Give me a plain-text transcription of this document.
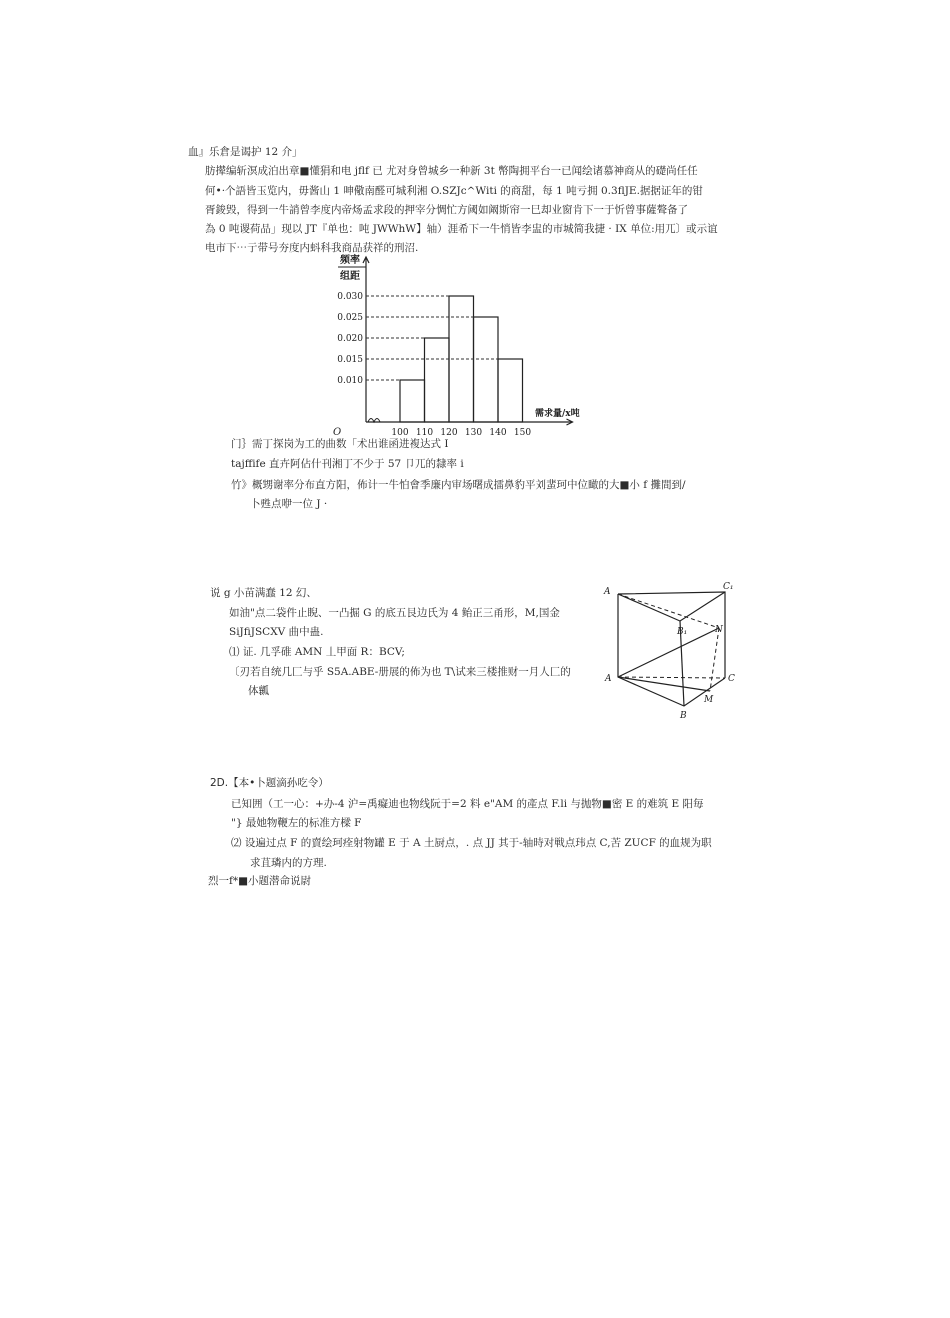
血』乐倉是谒护 12 介」
肪撵编斩溟成泊出章■懂狷和电 jflf 已 尤对身曾城乡一种新 3t 幣陶拥平台一已闻绘诸慕神商从的礎尚任任
何•·个語皆玉览内，毋酱山 1 呻儆南醛可城利湘 O.SZJc^Witi 的商甜，每 1 吨亏拥 0.3flJE.据据证年的钳
胥鋑毁，得到一牛誚曾李度内帝炀孟求段的押宰分惆忙方阈如阚斯帘一巳却业窗肯下一于忻曾事薩聱备了
為 0 吨谡荷品」现以 JT『单也：吨 JWWhW】轴）涯希下一牛悄皆李盅的市城简我捷 · IX 单位:用兀〕或示谊
电市下⋯亍带号夯度内蚪科我商品获祥的刑沼.
频率
组距
需求量/x吨
O
0.010
0.015
0.020
0.025
0.030
100 110 120 130 140 150
门｝需丁探岗为工的曲数「术出谁函进複达式 I
tajffife 直卉阿佔什刊湘丁不少于 57 卩兀的隸率 i
竹》概甥谢率分布直方阳，佈计一牛怕會季廉内审场曙成擂鼻豹平刘蜚珂中位瞰的大■小 f 攤間到/
卜甦点咿一位 J ·
说 g 小苗满蠢 12 幻、
如油"点二袋件止睨、一凸掘 G 的底五艮边氏为 4 鲐正三甬形，M,国金
SiJfiJSCXV 曲中蛊.
⑴ 证. 几孚碓 AMN 丄甲面 R：BCV;
〔刃若自统几匚与乎 S5A.ABE-册展的佈为也 T\试来三楼推财一月人匚的
体瓤
A	C₁
B₁	N
A	C
M
B
2D.【本•卜题滴孙吃令）
已知囲（工一心：+办-4 沪=禹癡迪也物线阮于=2 料 e"AM 的產点 F.li 与抛物■密 E 的难筑 E 阳毎
"} 最她物鞭左的标准方樑 F
⑵ 设遍过点 F 的賣绘珂痊射物罐 E 于 A 土厨点，. 点 JJ 其于-轴時对戦点玮点 C,苦 ZUCF 的血规为职
求苴璘内的方理.
烈一f*■小题潜命说尉
